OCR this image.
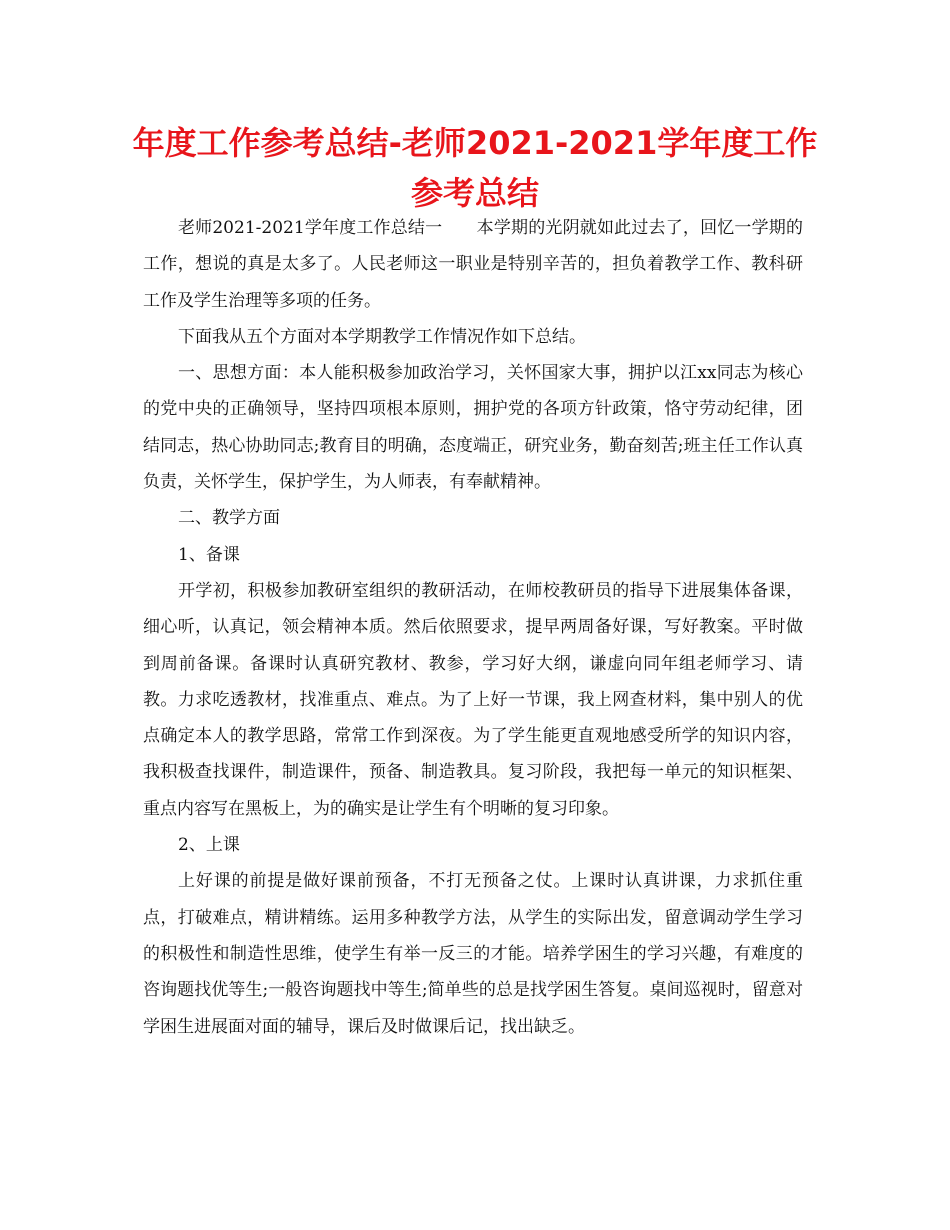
年度工作参考总结-老师2021-2021学年度工作参考总结

老师2021-2021学年度工作总结一　　本学期的光阴就如此过去了，回忆一学期的工作，想说的真是太多了。人民老师这一职业是特别辛苦的，担负着教学工作、教科研工作及学生治理等多项的任务。

下面我从五个方面对本学期教学工作情况作如下总结。

一、思想方面：本人能积极参加政治学习，关怀国家大事，拥护以江xx同志为核心的党中央的正确领导，坚持四项根本原则，拥护党的各项方针政策，恪守劳动纪律，团结同志，热心协助同志;教育目的明确，态度端正，研究业务，勤奋刻苦;班主任工作认真负责，关怀学生，保护学生，为人师表，有奉献精神。

二、教学方面

1、备课

开学初，积极参加教研室组织的教研活动，在师校教研员的指导下进展集体备课，细心听，认真记，领会精神本质。然后依照要求，提早两周备好课，写好教案。平时做到周前备课。备课时认真研究教材、教参，学习好大纲，谦虚向同年组老师学习、请教。力求吃透教材，找准重点、难点。为了上好一节课，我上网查材料，集中别人的优点确定本人的教学思路，常常工作到深夜。为了学生能更直观地感受所学的知识内容，我积极查找课件，制造课件，预备、制造教具。复习阶段，我把每一单元的知识框架、重点内容写在黑板上，为的确实是让学生有个明晰的复习印象。

2、上课

上好课的前提是做好课前预备，不打无预备之仗。上课时认真讲课，力求抓住重点，打破难点，精讲精练。运用多种教学方法，从学生的实际出发，留意调动学生学习的积极性和制造性思维，使学生有举一反三的才能。培养学困生的学习兴趣，有难度的咨询题找优等生;一般咨询题找中等生;简单些的总是找学困生答复。桌间巡视时，留意对学困生进展面对面的辅导，课后及时做课后记，找出缺乏。
